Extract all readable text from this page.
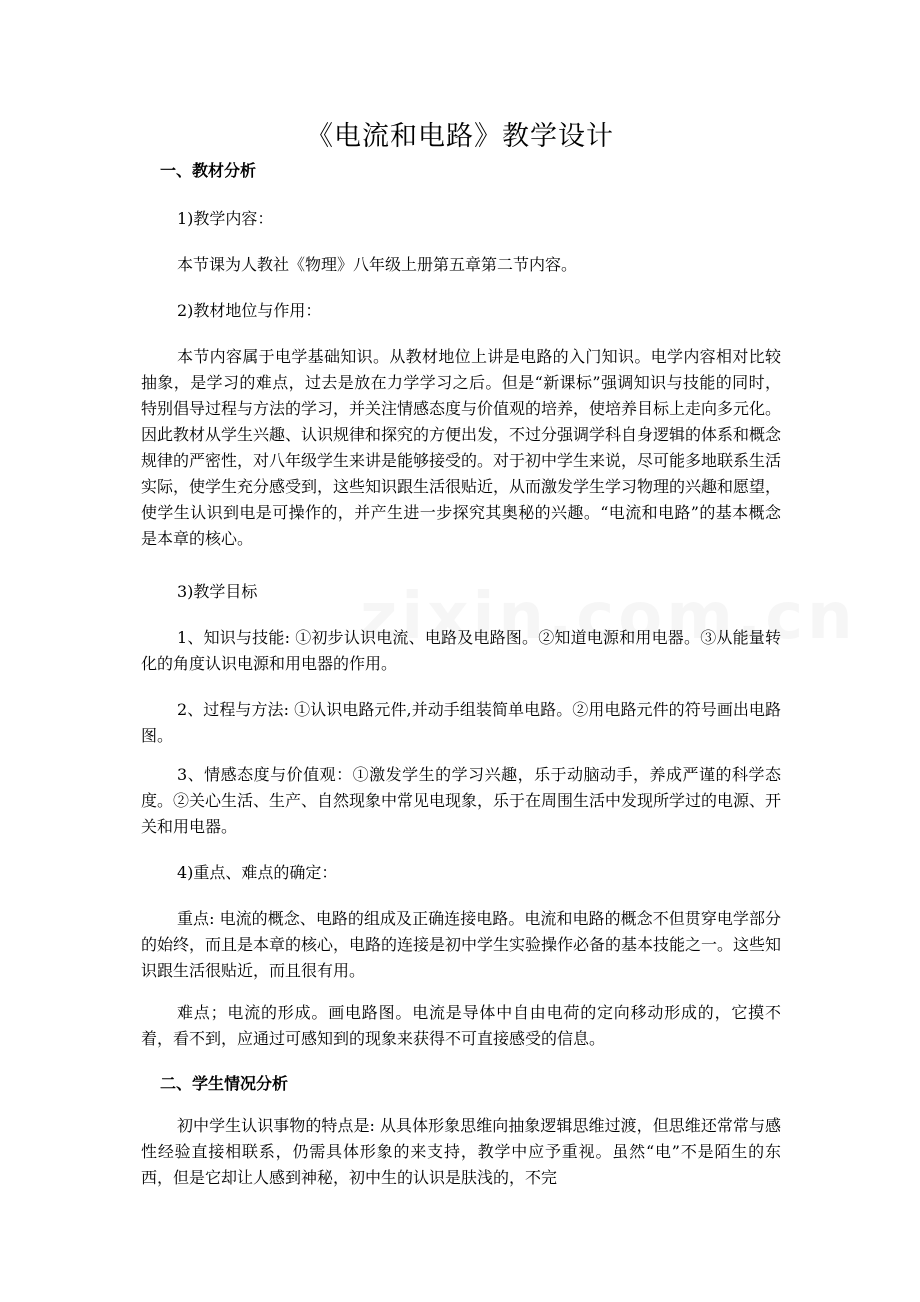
《电流和电路》教学设计
一、教材分析
1)教学内容：
本节课为人教社《物理》八年级上册第五章第二节内容。
2)教材地位与作用：
本节内容属于电学基础知识。从教材地位上讲是电路的入门知识。电学内容相对比较抽象，是学习的难点，过去是放在力学学习之后。但是“新课标”强调知识与技能的同时，特别倡导过程与方法的学习，并关注情感态度与价值观的培养，使培养目标上走向多元化。因此教材从学生兴趣、认识规律和探究的方便出发，不过分强调学科自身逻辑的体系和概念规律的严密性，对八年级学生来讲是能够接受的。对于初中学生来说，尽可能多地联系生活实际，使学生充分感受到，这些知识跟生活很贴近，从而激发学生学习物理的兴趣和愿望，使学生认识到电是可操作的，并产生进一步探究其奥秘的兴趣。“电流和电路”的基本概念是本章的核心。
3)教学目标
1、知识与技能: ①初步认识电流、电路及电路图。②知道电源和用电器。③从能量转化的角度认识电源和用电器的作用。
2、过程与方法: ①认识电路元件,并动手组装简单电路。②用电路元件的符号画出电路图。
3、情感态度与价值观：①激发学生的学习兴趣，乐于动脑动手，养成严谨的科学态度。②关心生活、生产、自然现象中常见电现象，乐于在周围生活中发现所学过的电源、开关和用电器。
4)重点、难点的确定：
重点: 电流的概念、电路的组成及正确连接电路。电流和电路的概念不但贯穿电学部分的始终，而且是本章的核心，电路的连接是初中学生实验操作必备的基本技能之一。这些知识跟生活很贴近，而且很有用。
难点；电流的形成。画电路图。电流是导体中自由电荷的定向移动形成的，它摸不着，看不到，应通过可感知到的现象来获得不可直接感受的信息。
二、学生情况分析
初中学生认识事物的特点是: 从具体形象思维向抽象逻辑思维过渡，但思维还常常与感性经验直接相联系，仍需具体形象的来支持，教学中应予重视。虽然“电”不是陌生的东西，但是它却让人感到神秘，初中生的认识是肤浅的，不完
